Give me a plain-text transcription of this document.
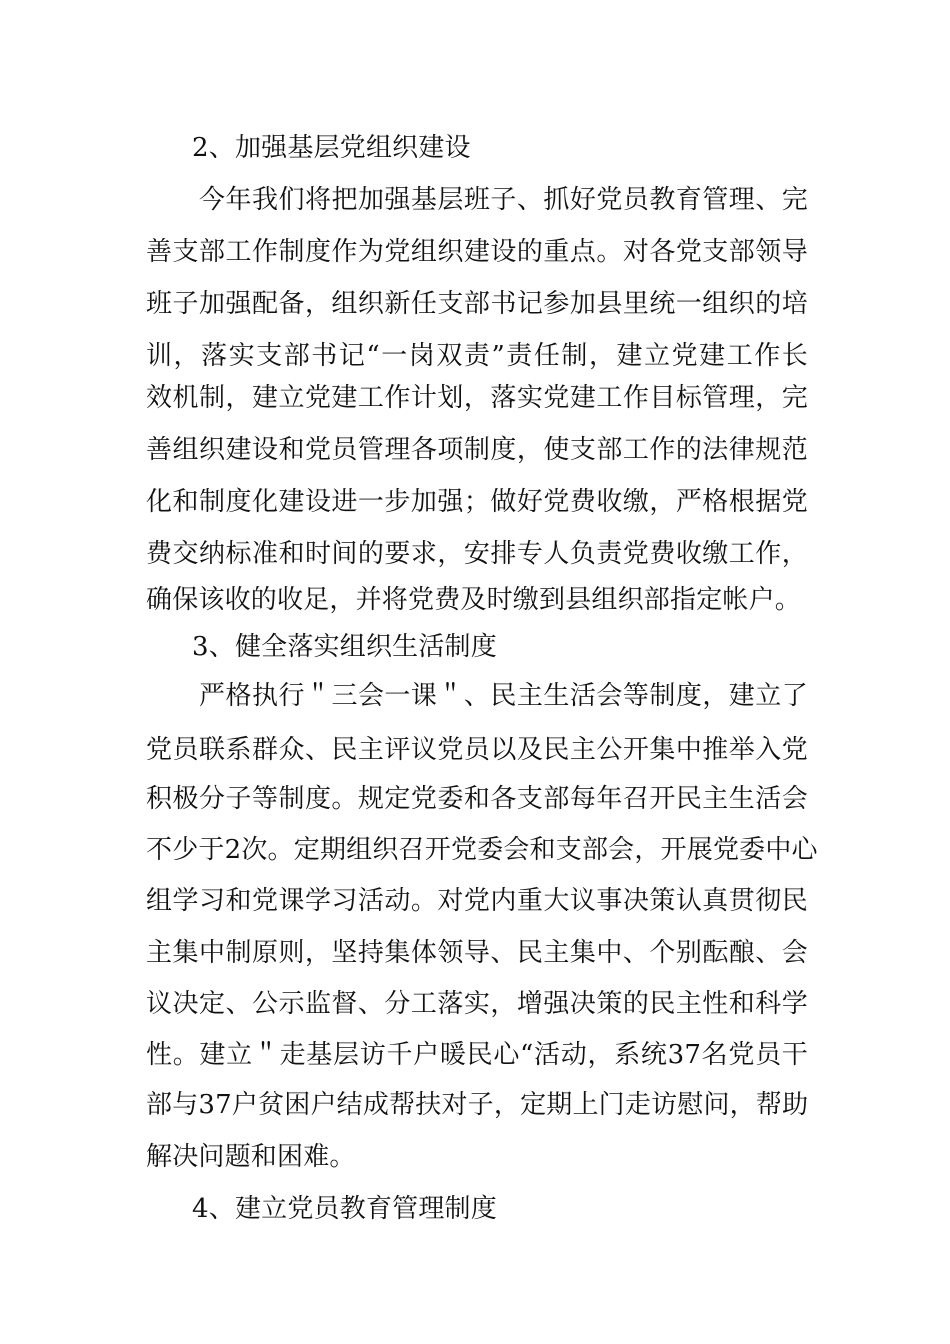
2、加强基层党组织建设
今年我们将把加强基层班子、抓好党员教育管理、完
善支部工作制度作为党组织建设的重点。对各党支部领导
班子加强配备，组织新任支部书记参加县里统一组织的培
训，落实支部书记“一岗双责”责任制，建立党建工作长
效机制，建立党建工作计划，落实党建工作目标管理，完
善组织建设和党员管理各项制度，使支部工作的法律规范
化和制度化建设进一步加强；做好党费收缴，严格根据党
费交纳标准和时间的要求，安排专人负责党费收缴工作，
确保该收的收足，并将党费及时缴到县组织部指定帐户。
3、健全落实组织生活制度
严格执行＂三会一课＂、民主生活会等制度，建立了
党员联系群众、民主评议党员以及民主公开集中推举入党
积极分子等制度。规定党委和各支部每年召开民主生活会
不少于2次。定期组织召开党委会和支部会，开展党委中心
组学习和党课学习活动。对党内重大议事决策认真贯彻民
主集中制原则，坚持集体领导、民主集中、个别酝酿、会
议决定、公示监督、分工落实，增强决策的民主性和科学
性。建立＂走基层访千户暖民心“活动，系统37名党员干
部与37户贫困户结成帮扶对子，定期上门走访慰问，帮助
解决问题和困难。
4、建立党员教育管理制度
